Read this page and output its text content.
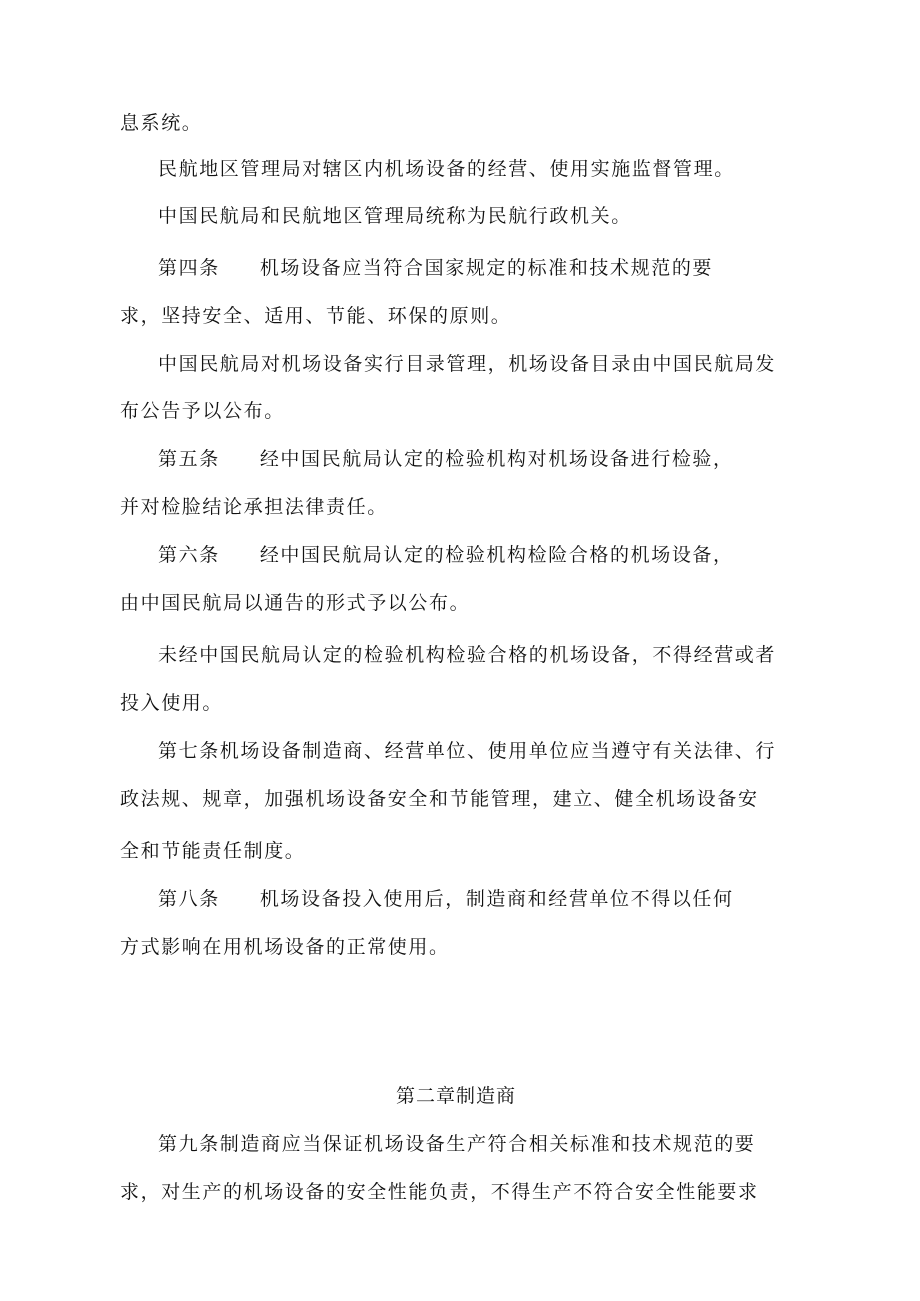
息系统。
民航地区管理局对辖区内机场设备的经营、使用实施监督管理。
中国民航局和民航地区管理局统称为民航行政机关。
第四条 机场设备应当符合国家规定的标准和技术规范的要
求，坚持安全、适用、节能、环保的原则。
中国民航局对机场设备实行目录管理，机场设备目录由中国民航局发
布公告予以公布。
第五条 经中国民航局认定的检验机构对机场设备进行检验，
并对检脸结论承担法律责任。
第六条 经中国民航局认定的检验机构检险合格的机场设备，
由中国民航局以通告的形式予以公布。
未经中国民航局认定的检验机构检验合格的机场设备，不得经营或者
投入使用。
第七条机场设备制造商、经营单位、使用单位应当遵守有关法律、行
政法规、规章，加强机场设备安全和节能管理，建立、健全机场设备安
全和节能责任制度。
第八条 机场设备投入使用后，制造商和经营单位不得以任何
方式影响在用机场设备的正常使用。
第二章制造商
第九条制造商应当保证机场设备生产符合相关标准和技术规范的要
求，对生产的机场设备的安全性能负责，不得生产不符合安全性能要求
